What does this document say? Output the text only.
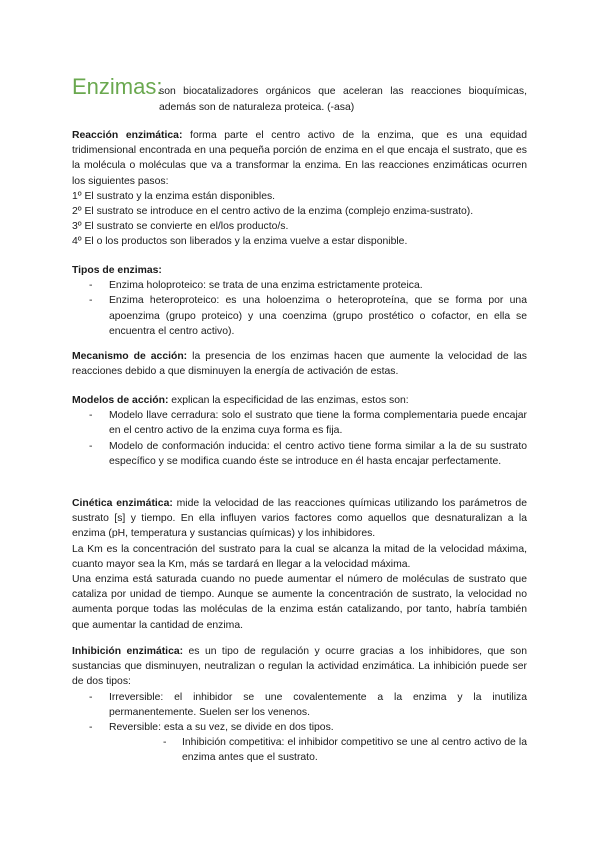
Enzimas:
son biocatalizadores orgánicos que aceleran las reacciones bioquímicas, además son de naturaleza proteica. (-asa)

Reacción enzimática: forma parte el centro activo de la enzima, que es una equidad tridimensional encontrada en una pequeña porción de enzima en el que encaja el sustrato, que es la molécula o moléculas que va a transformar la enzima. En las reacciones enzimáticas ocurren los siguientes pasos:

1º El sustrato y la enzima están disponibles.
2º El sustrato se introduce en el centro activo de la enzima (complejo enzima-sustrato).
3º El sustrato se convierte en el/los producto/s.
4º El o los productos son liberados y la enzima vuelve a estar disponible.
Tipos de enzimas:
- Enzima holoproteico: se trata de una enzima estrictamente proteica.
- Enzima heteroproteico: es una holoenzima o heteroproteína, que se forma por una apoenzima (grupo proteico) y una coenzima (grupo prostético o cofactor, en ella se encuentra el centro activo).

Mecanismo de acción: la presencia de los enzimas hacen que aumente la velocidad de las reacciones debido a que disminuyen la energía de activación de estas.

Modelos de acción: explican la especificidad de las enzimas, estos son:

- Modelo llave cerradura: solo el sustrato que tiene la forma complementaria puede encajar en el centro activo de la enzima cuya forma es fija.
- Modelo de conformación inducida: el centro activo tiene forma similar a la de su sustrato específico y se modifica cuando éste se introduce en él hasta encajar perfectamente.

Cinética enzimática: mide la velocidad de las reacciones químicas utilizando los parámetros de sustrato [s] y tiempo. En ella influyen varios factores como aquellos que desnaturalizan a la enzima (pH, temperatura y sustancias químicas) y los inhibidores.

La Km es la concentración del sustrato para la cual se alcanza la mitad de la velocidad máxima, cuanto mayor sea la Km, más se tardará en llegar a la velocidad máxima.

Una enzima está saturada cuando no puede aumentar el número de moléculas de sustrato que cataliza por unidad de tiempo. Aunque se aumente la concentración de sustrato, la velocidad no aumenta porque todas las moléculas de la enzima están catalizando, por tanto, habría también que aumentar la cantidad de enzima.

Inhibición enzimática: es un tipo de regulación y ocurre gracias a los inhibidores, que son sustancias que disminuyen, neutralizan o regulan la actividad enzimática. La inhibición puede ser de dos tipos:

- Irreversible: el inhibidor se une covalentemente a la enzima y la inutiliza permanentemente. Suelen ser los venenos.
- Reversible: esta a su vez, se divide en dos tipos.
- Inhibición competitiva: el inhibidor competitivo se une al centro activo de la enzima antes que el sustrato.
